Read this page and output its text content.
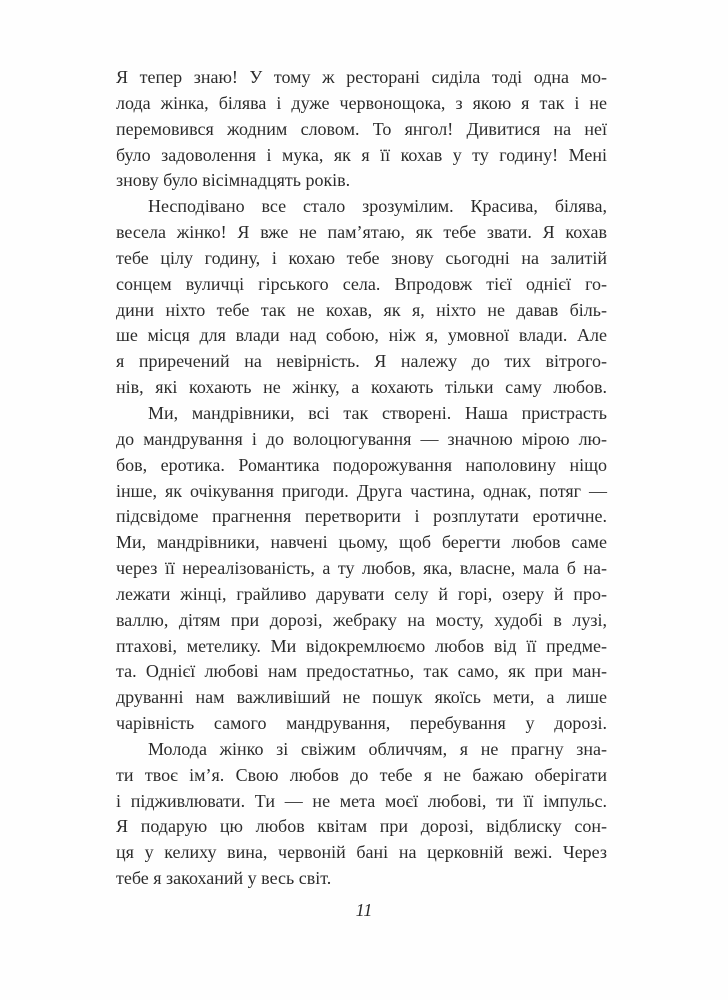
Я тепер знаю! У тому ж ресторані сиділа тоді одна мо-
лода жінка, білява і дуже червонощока, з якою я так і не
перемовився жодним словом. То янгол! Дивитися на неї
було задоволення і мука, як я її кохав у ту годину! Мені
знову було вісімнадцять років.
Несподівано все стало зрозумілим. Красива, білява,
весела жінко! Я вже не пам’ятаю, як тебе звати. Я кохав
тебе цілу годину, і кохаю тебе знову сьогодні на залитій
сонцем вуличці гірського села. Впродовж тієї однієї го-
дини ніхто тебе так не кохав, як я, ніхто не давав біль-
ше місця для влади над собою, ніж я, умовної влади. Але
я приречений на невірність. Я належу до тих вітрого-
нів, які кохають не жінку, а кохають тільки саму любов.
Ми, мандрівники, всі так створені. Наша пристрасть
до мандрування і до волоцюгування — значною мірою лю-
бов, еротика. Романтика подорожування наполовину ніщо
інше, як очікування пригоди. Друга частина, однак, потяг —
підсвідоме прагнення перетворити і розплутати еротичне.
Ми, мандрівники, навчені цьому, щоб берегти любов саме
через її нереалізованість, а ту любов, яка, власне, мала б на-
лежати жінці, грайливо дарувати селу й горі, озеру й про-
валлю, дітям при дорозі, жебраку на мосту, худобі в лузі,
птахові, метелику. Ми відокремлюємо любов від її предме-
та. Однієї любові нам предостатньо, так само, як при ман-
друванні нам важливіший не пошук якоїсь мети, а лише
чарівність самого мандрування, перебування у дорозі.
Молода жінко зі свіжим обличчям, я не прагну зна-
ти твоє ім’я. Свою любов до тебе я не бажаю оберігати
і підживлювати. Ти — не мета моєї любові, ти її імпульс.
Я подарую цю любов квітам при дорозі, відблиску сон-
ця у келиху вина, червоній бані на церковній вежі. Через
тебе я закоханий у весь світ.
11
